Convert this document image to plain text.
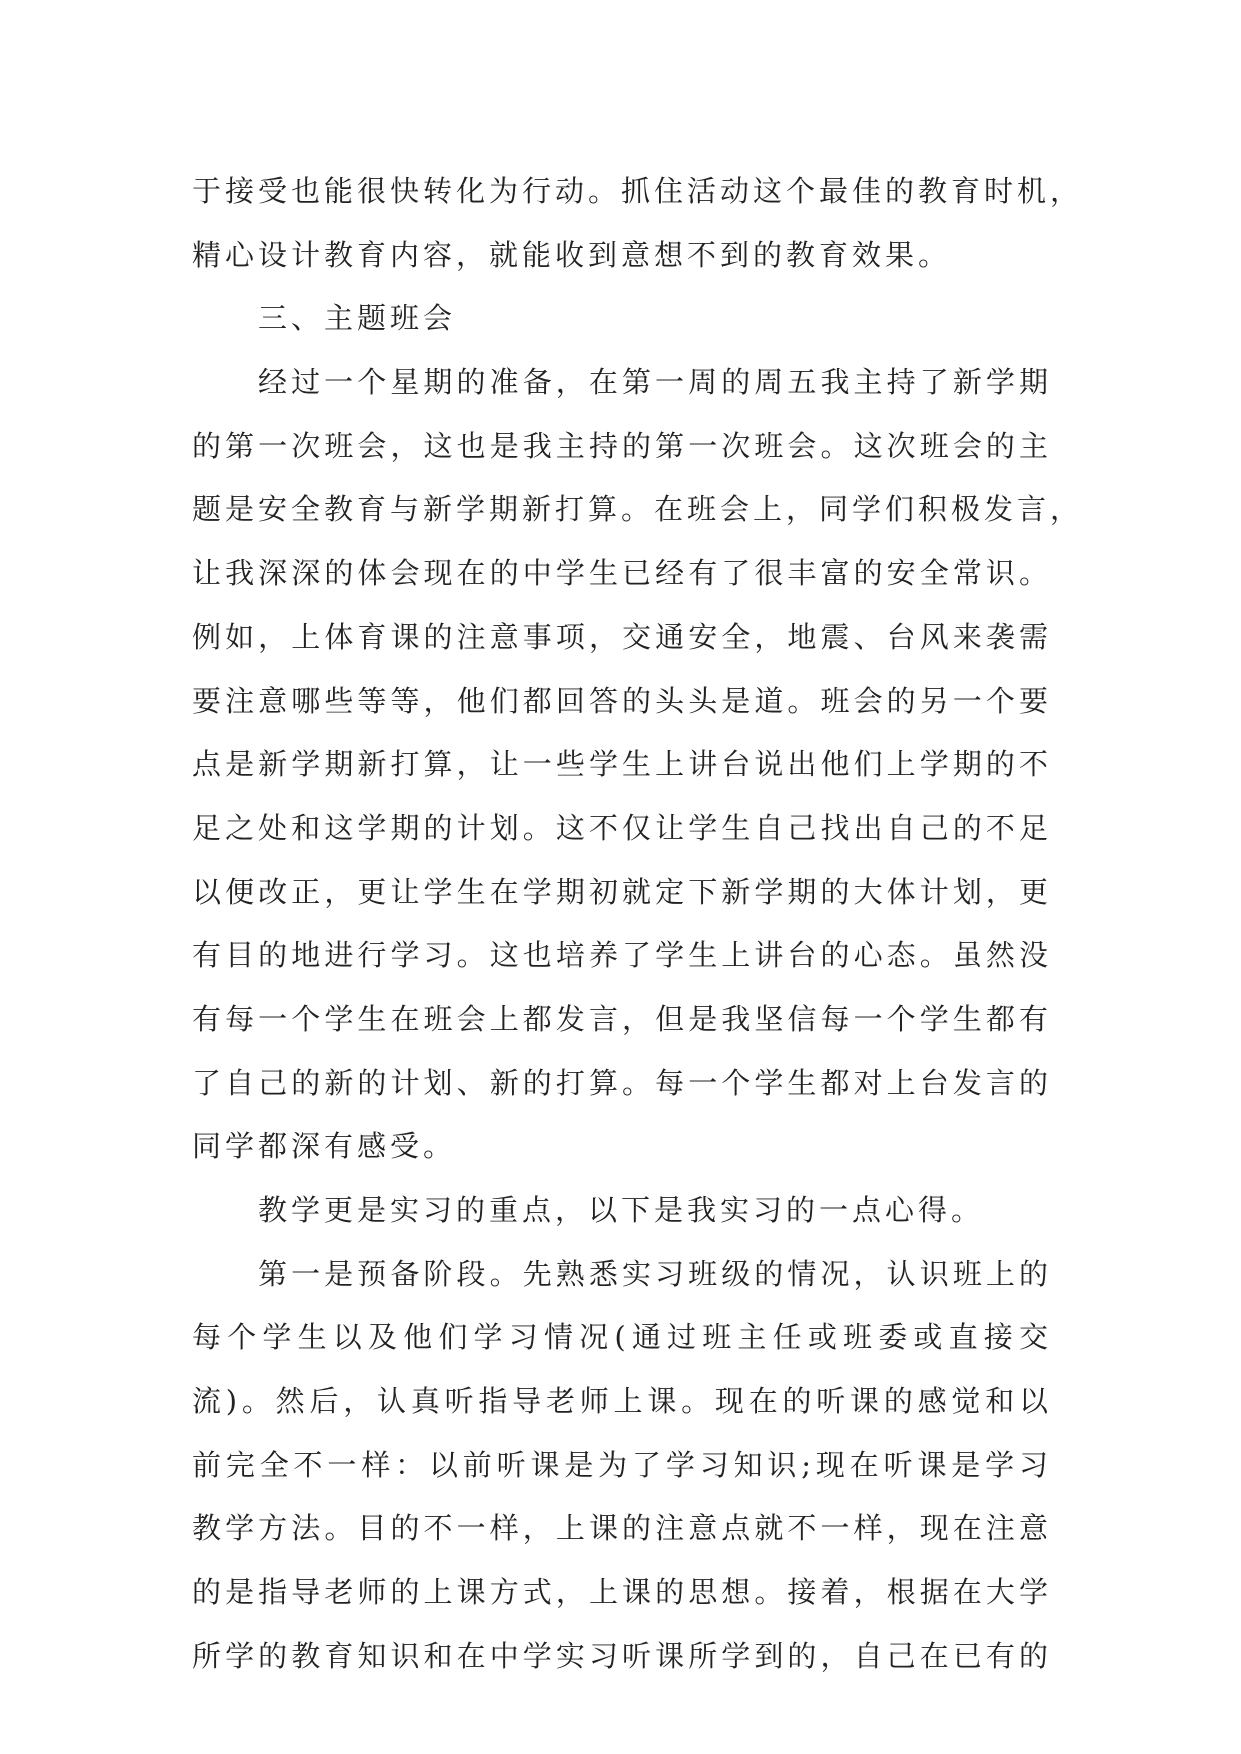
于接受也能很快转化为行动。抓住活动这个最佳的教育时机，
精心设计教育内容，就能收到意想不到的教育效果。
三、主题班会
经过一个星期的准备，在第一周的周五我主持了新学期
的第一次班会，这也是我主持的第一次班会。这次班会的主
题是安全教育与新学期新打算。在班会上，同学们积极发言，
让我深深的体会现在的中学生已经有了很丰富的安全常识。
例如，上体育课的注意事项，交通安全，地震、台风来袭需
要注意哪些等等，他们都回答的头头是道。班会的另一个要
点是新学期新打算，让一些学生上讲台说出他们上学期的不
足之处和这学期的计划。这不仅让学生自己找出自己的不足
以便改正，更让学生在学期初就定下新学期的大体计划，更
有目的地进行学习。这也培养了学生上讲台的心态。虽然没
有每一个学生在班会上都发言，但是我坚信每一个学生都有
了自己的新的计划、新的打算。每一个学生都对上台发言的
同学都深有感受。
教学更是实习的重点，以下是我实习的一点心得。
第一是预备阶段。先熟悉实习班级的情况，认识班上的
每个学生以及他们学习情况(通过班主任或班委或直接交
流)。然后，认真听指导老师上课。现在的听课的感觉和以
前完全不一样：以前听课是为了学习知识;现在听课是学习
教学方法。目的不一样，上课的注意点就不一样，现在注意
的是指导老师的上课方式，上课的思想。接着，根据在大学
所学的教育知识和在中学实习听课所学到的，自己在已有的
